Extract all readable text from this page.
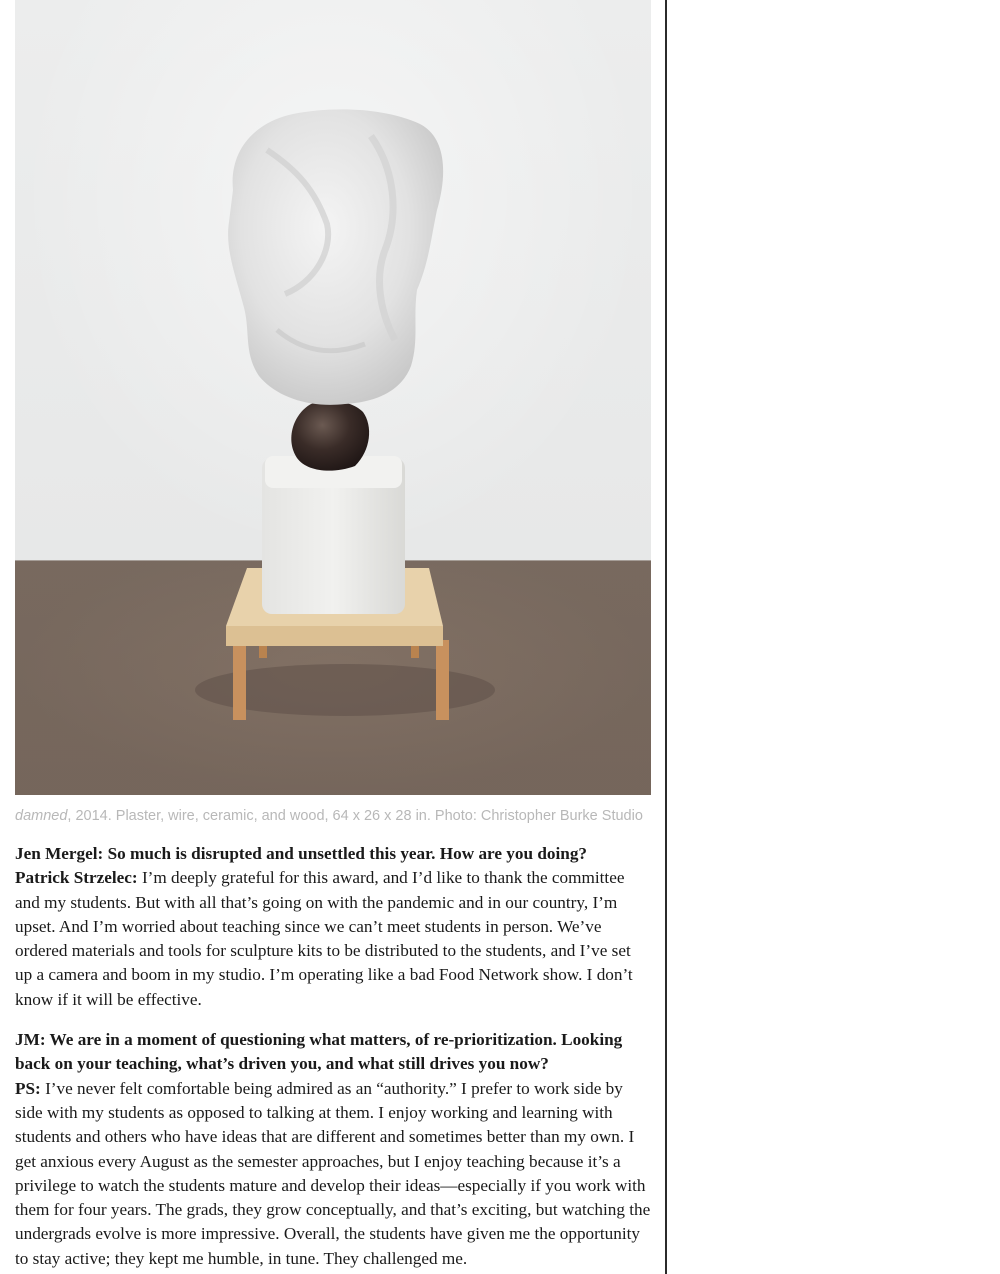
damned, 2014. Plaster, wire, ceramic, and wood, 64 x 26 x 28 in. Photo: Christopher Burke Studio

Jen Mergel: So much is disrupted and unsettled this year. How are you doing?

Patrick Strzelec: I’m deeply grateful for this award, and I’d like to thank the committee and my students. But with all that’s going on with the pandemic and in our country, I’m upset. And I’m worried about teaching since we can’t meet students in person. We’ve ordered materials and tools for sculpture kits to be distributed to the students, and I’ve set up a camera and boom in my studio. I’m operating like a bad Food Network show. I don’t know if it will be effective.

JM: We are in a moment of questioning what matters, of re-prioritization. Looking back on your teaching, what’s driven you, and what still drives you now?

PS: I’ve never felt comfortable being admired as an “authority.” I prefer to work side by side with my students as opposed to talking at them. I enjoy working and learning with students and others who have ideas that are different and sometimes better than my own. I get anxious every August as the semester approaches, but I enjoy teaching because it’s a privilege to watch the students mature and develop their ideas—especially if you work with them for four years. The grads, they grow conceptually, and that’s exciting, but watching the undergrads evolve is more impressive. Overall, the students have given me the opportunity to stay active; they kept me humble, in tune. They challenged me.
